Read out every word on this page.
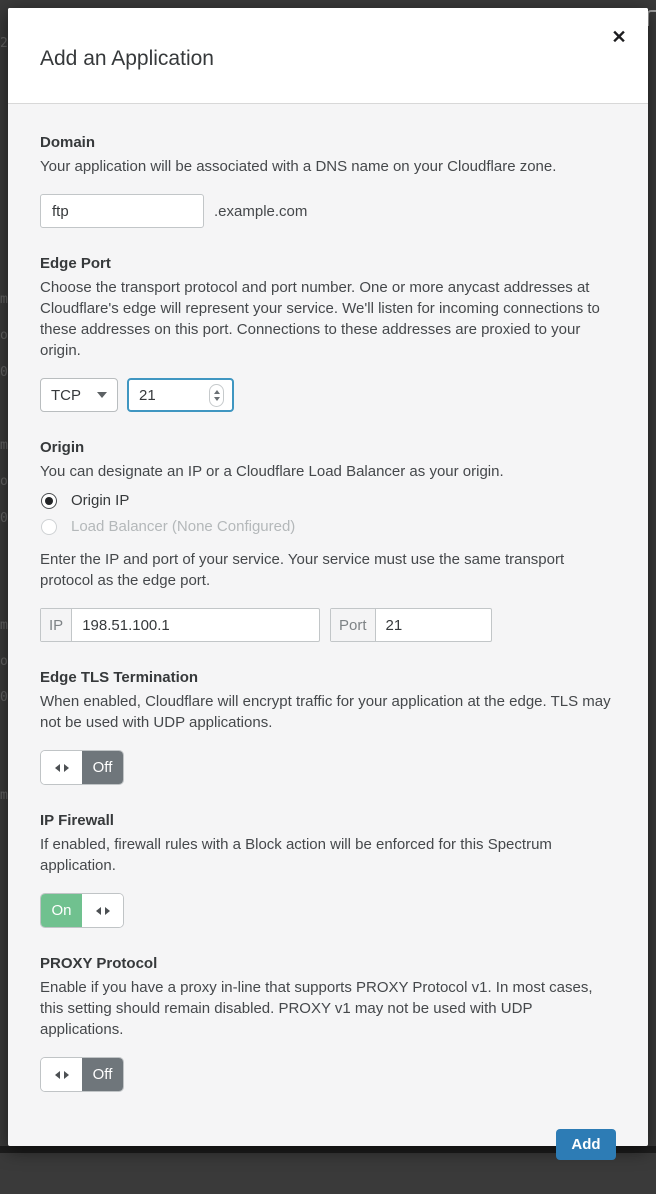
2
m
o
0
m
o
0
m
o
0
m
Add an Application
✕
Domain
Your application will be associated with a DNS name on your Cloudflare zone.
ftp
.example.com
Edge Port
Choose the transport protocol and port number. One or more anycast addresses at Cloudflare's edge will represent your service. We'll listen for incoming connections to these addresses on this port. Connections to these addresses are proxied to your origin.
TCP
21
Origin
You can designate an IP or a Cloudflare Load Balancer as your origin.
Origin IP
Load Balancer (None Configured)
Enter the IP and port of your service. Your service must use the same transport protocol as the edge port.
IP
198.51.100.1	Port
21
Edge TLS Termination
When enabled, Cloudflare will encrypt traffic for your application at the edge. TLS may not be used with UDP applications.
Off
IP Firewall
If enabled, firewall rules with a Block action will be enforced for this Spectrum application.
On
PROXY Protocol
Enable if you have a proxy in-line that supports PROXY Protocol v1. In most cases, this setting should remain disabled. PROXY v1 may not be used with UDP applications.
Off
Add
